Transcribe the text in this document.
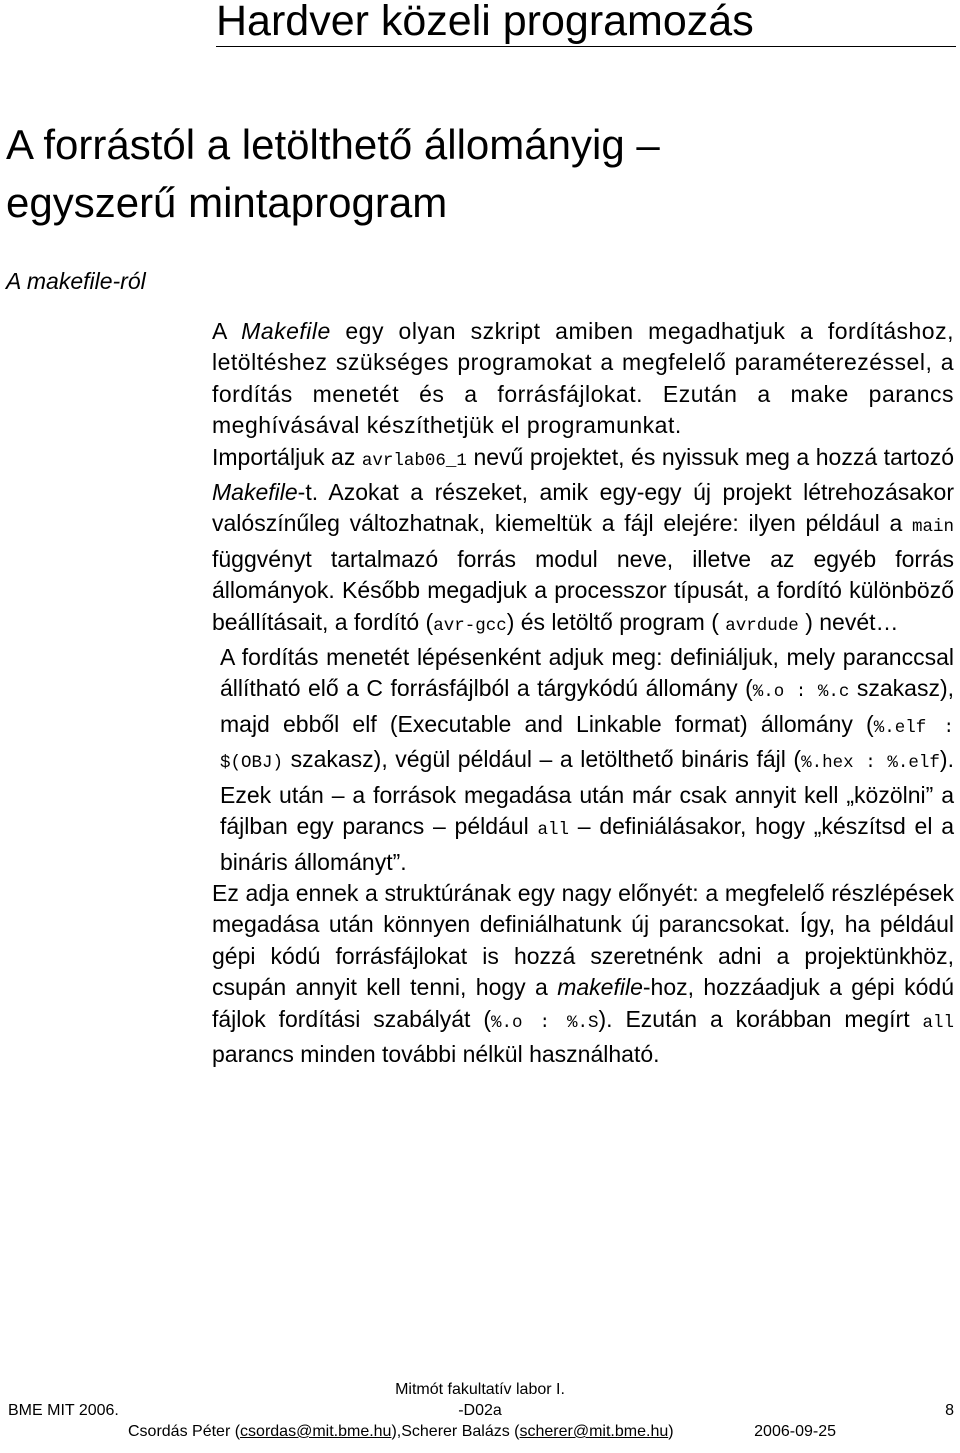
Hardver közeli programozás
A forrástól a letölthető állományig –
egyszerű mintaprogram
A makefile-ról

A Makefile egy olyan szkript amiben megadhatjuk a fordításhoz, letöltéshez szükséges programokat a megfelelő paraméterezéssel, a fordítás menetét és a forrásfájlokat. Ezután a make parancs meghívásával készíthetjük el programunkat.

Importáljuk az avrlab06_1 nevű projektet, és nyissuk meg a hozzá tartozó Makefile-t. Azokat a részeket, amik egy-egy új projekt létrehozásakor valószínűleg változhatnak, kiemeltük a fájl elejére: ilyen például a main függvényt tartalmazó forrás modul neve, illetve az egyéb forrás állományok. Később megadjuk a processzor típusát, a fordító különböző beállításait, a fordító (avr-gcc) és letöltő program ( avrdude ) nevét…

A fordítás menetét lépésenként adjuk meg: definiáljuk, mely paranccsal állítható elő a C forrásfájlból a tárgykódú állomány (%.o : %.c szakasz), majd ebből elf (Executable and Linkable format) állomány (%.elf : $(OBJ) szakasz), végül például – a letölthető bináris fájl (%.hex : %.elf). Ezek után – a források megadása után már csak annyit kell „közölni” a fájlban egy parancs – például all – definiálásakor, hogy „készítsd el a bináris állományt”.

Ez adja ennek a struktúrának egy nagy előnyét: a megfelelő részlépések megadása után könnyen definiálhatunk új parancsokat. Így, ha például gépi kódú forrásfájlokat is hozzá szeretnénk adni a projektünkhöz, csupán annyit kell tenni, hogy a makefile-hoz, hozzáadjuk a gépi kódú fájlok fordítási szabályát (%.o : %.S). Ezután a korábban megírt all parancs minden további nélkül használható.

Mitmót fakultatív labor I.
BME MIT 2006.	-D02a	8
Csordás Péter (csordas@mit.bme.hu),Scherer Balázs (scherer@mit.bme.hu)	2006-09-25
